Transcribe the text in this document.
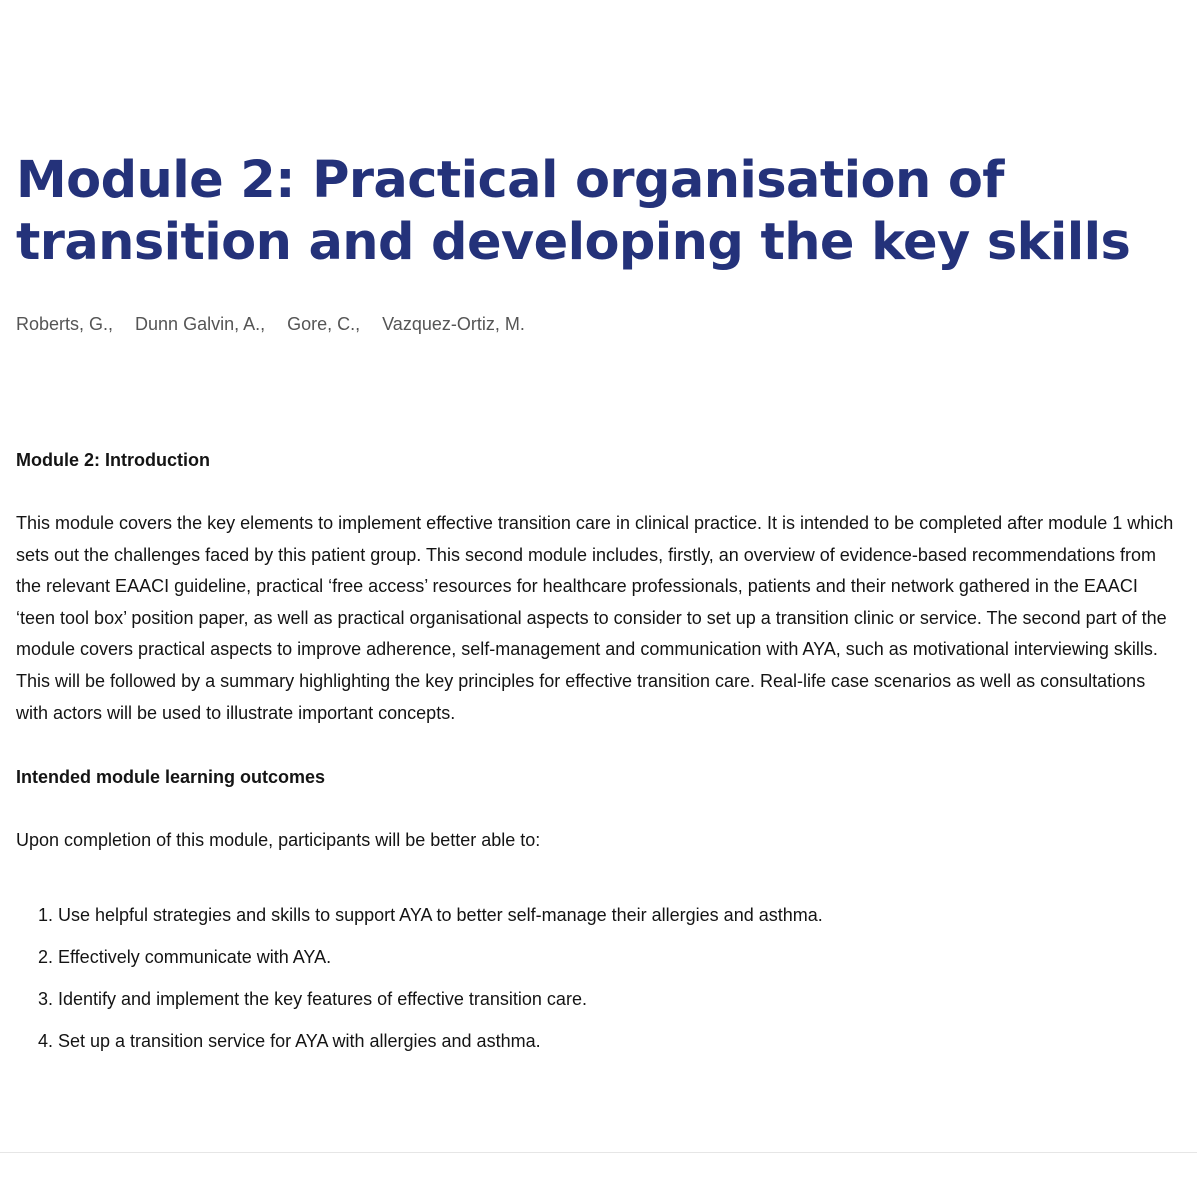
Module 2: Practical organisation of transition and developing the key skills
Roberts, G., Dunn Galvin, A., Gore, C., Vazquez-Ortiz, M.

Module 2: Introduction

This module covers the key elements to implement effective transition care in clinical practice. It is intended to be completed after module 1 which sets out the challenges faced by this patient group. This second module includes, firstly, an overview of evidence-based recommendations from the relevant EAACI guideline, practical ‘free access’ resources for healthcare professionals, patients and their network gathered in the EAACI ‘teen tool box’ position paper, as well as practical organisational aspects to consider to set up a transition clinic or service. The second part of the module covers practical aspects to improve adherence, self-management and communication with AYA, such as motivational interviewing skills. This will be followed by a summary highlighting the key principles for effective transition care. Real-life case scenarios as well as consultations with actors will be used to illustrate important concepts.

Intended module learning outcomes

Upon completion of this module, participants will be better able to:

1. Use helpful strategies and skills to support AYA to better self-manage their allergies and asthma.
2. Effectively communicate with AYA.
3. Identify and implement the key features of effective transition care.
4. Set up a transition service for AYA with allergies and asthma.
